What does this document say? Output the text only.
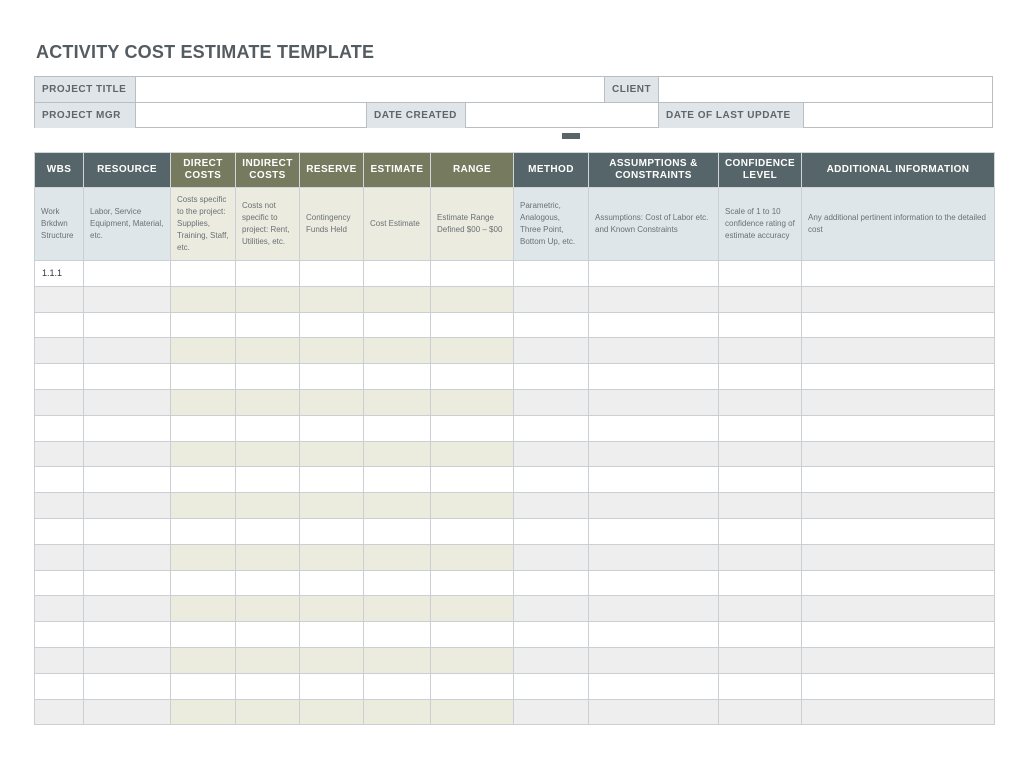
ACTIVITY COST ESTIMATE TEMPLATE
PROJECT TITLE	CLIENT
PROJECT MGR	DATE CREATED	DATE OF LAST UPDATE
WBS	RESOURCE	DIRECT COSTS	INDIRECT COSTS	RESERVE	ESTIMATE	RANGE	METHOD	ASSUMPTIONS & CONSTRAINTS	CONFIDENCE LEVEL	ADDITIONAL INFORMATION
Work Brkdwn Structure	Labor, Service Equipment, Material, etc.	Costs specific to the project: Supplies, Training, Staff, etc.	Costs not specific to project: Rent, Utilities, etc.	Contingency Funds Held	Cost Estimate	Estimate Range Defined $00 – $00	Parametric, Analogous, Three Point, Bottom Up, etc.	Assumptions: Cost of Labor etc. and Known Constraints	Scale of 1 to 10 confidence rating of estimate accuracy	Any additional pertinent information to the detailed cost
1.1.1										
